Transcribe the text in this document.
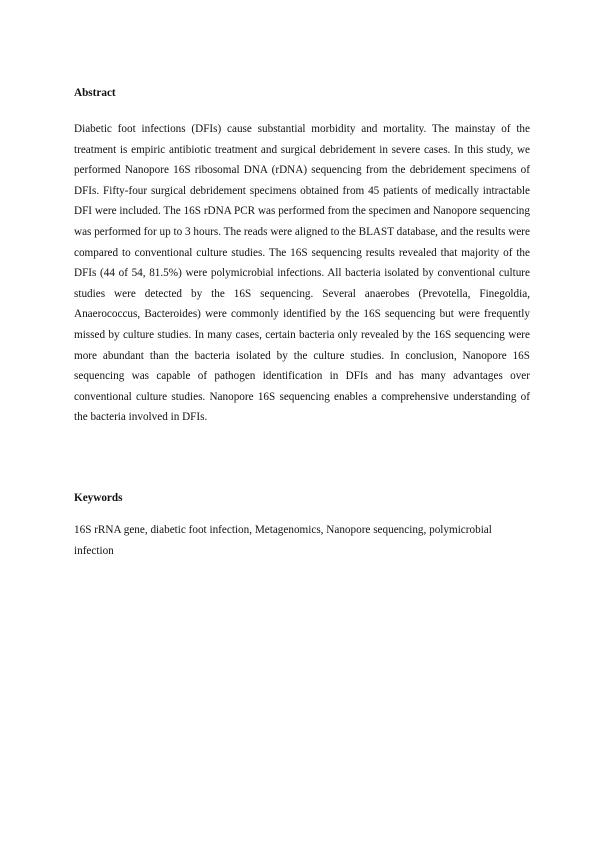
Abstract

Diabetic foot infections (DFIs) cause substantial morbidity and mortality. The mainstay of the treatment is empiric antibiotic treatment and surgical debridement in severe cases. In this study, we performed Nanopore 16S ribosomal DNA (rDNA) sequencing from the debridement specimens of DFIs. Fifty-four surgical debridement specimens obtained from 45 patients of medically intractable DFI were included. The 16S rDNA PCR was performed from the specimen and Nanopore sequencing was performed for up to 3 hours. The reads were aligned to the BLAST database, and the results were compared to conventional culture studies. The 16S sequencing results revealed that majority of the DFIs (44 of 54, 81.5%) were polymicrobial infections. All bacteria isolated by conventional culture studies were detected by the 16S sequencing. Several anaerobes (Prevotella, Finegoldia, Anaerococcus, Bacteroides) were commonly identified by the 16S sequencing but were frequently missed by culture studies. In many cases, certain bacteria only revealed by the 16S sequencing were more abundant than the bacteria isolated by the culture studies. In conclusion, Nanopore 16S sequencing was capable of pathogen identification in DFIs and has many advantages over conventional culture studies. Nanopore 16S sequencing enables a comprehensive understanding of the bacteria involved in DFIs.

Keywords

16S rRNA gene, diabetic foot infection, Metagenomics, Nanopore sequencing, polymicrobial infection
